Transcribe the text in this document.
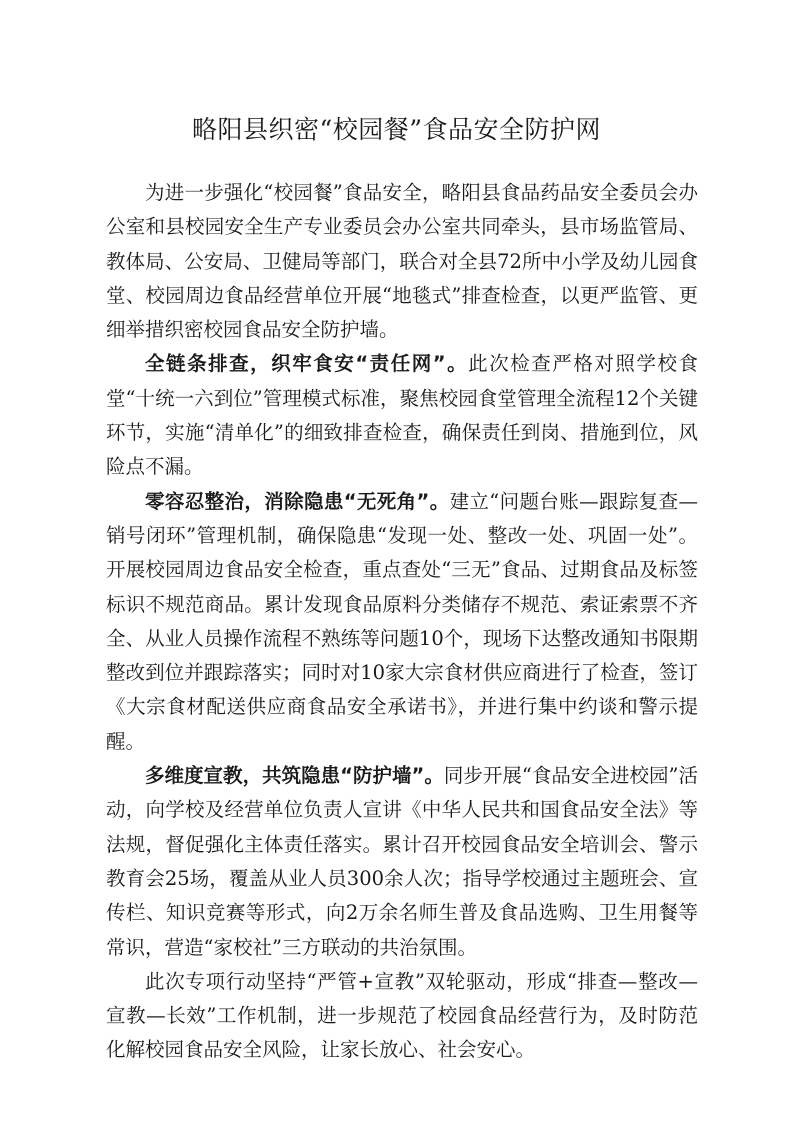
略阳县织密“校园餐”食品安全防护网

为进一步强化“校园餐”食品安全，略阳县食品药品安全委员会办公室和县校园安全生产专业委员会办公室共同牵头，县市场监管局、教体局、公安局、卫健局等部门，联合对全县72所中小学及幼儿园食堂、校园周边食品经营单位开展“地毯式”排查检查，以更严监管、更细举措织密校园食品安全防护墙。

全链条排查，织牢食安“责任网”。此次检查严格对照学校食堂“十统一六到位”管理模式标准，聚焦校园食堂管理全流程12个关键环节，实施“清单化”的细致排查检查，确保责任到岗、措施到位，风险点不漏。

零容忍整治，消除隐患“无死角”。建立“问题台账—跟踪复查—销号闭环”管理机制，确保隐患“发现一处、整改一处、巩固一处”。开展校园周边食品安全检查，重点查处“三无”食品、过期食品及标签标识不规范商品。累计发现食品原料分类储存不规范、索证索票不齐全、从业人员操作流程不熟练等问题10个，现场下达整改通知书限期整改到位并跟踪落实；同时对10家大宗食材供应商进行了检查，签订《大宗食材配送供应商食品安全承诺书》，并进行集中约谈和警示提醒。

多维度宣教，共筑隐患“防护墙”。同步开展“食品安全进校园”活动，向学校及经营单位负责人宣讲《中华人民共和国食品安全法》等法规，督促强化主体责任落实。累计召开校园食品安全培训会、警示教育会25场，覆盖从业人员300余人次；指导学校通过主题班会、宣传栏、知识竞赛等形式，向2万余名师生普及食品选购、卫生用餐等常识，营造“家校社”三方联动的共治氛围。

此次专项行动坚持“严管+宣教”双轮驱动，形成“排查—整改—宣教—长效”工作机制，进一步规范了校园食品经营行为，及时防范化解校园食品安全风险，让家长放心、社会安心。
